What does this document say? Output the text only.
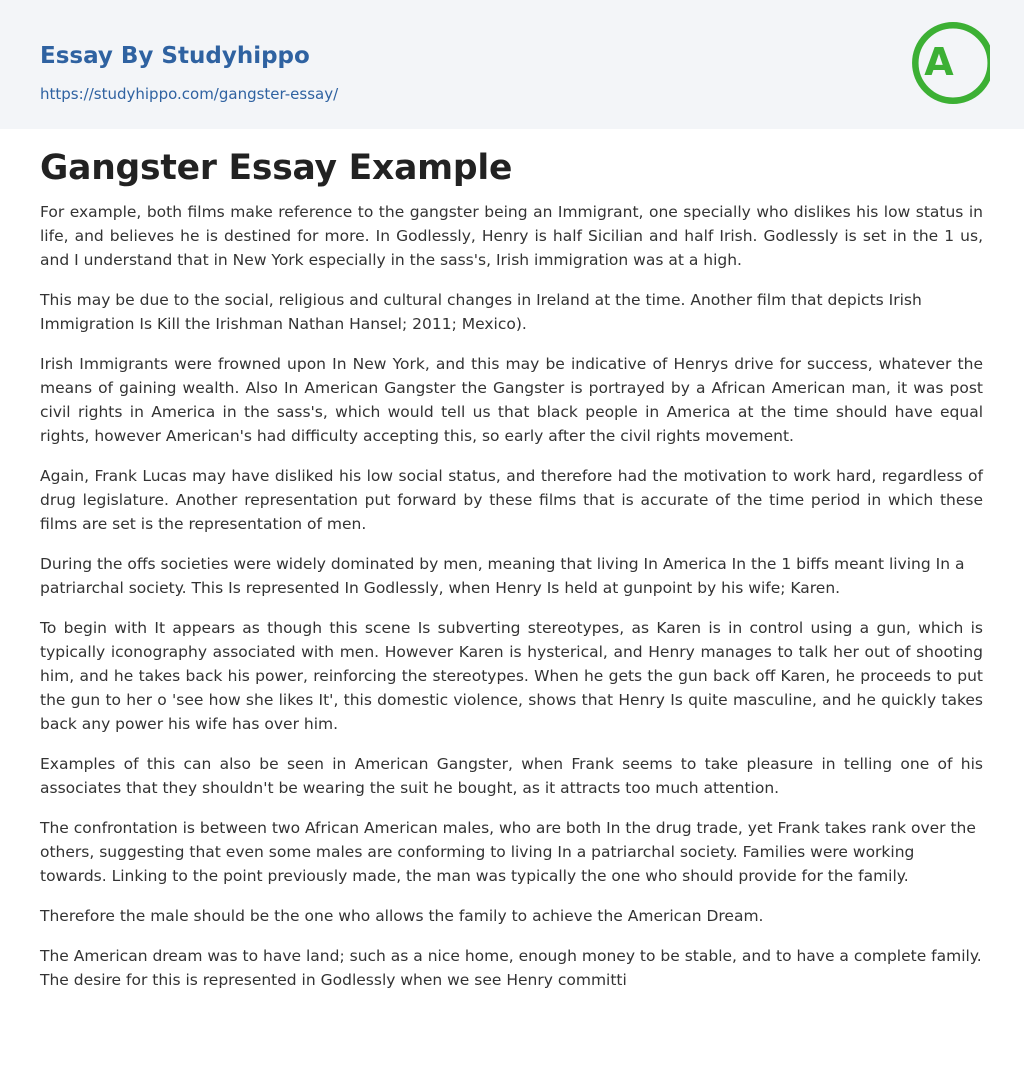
Essay By Studyhippo
https://studyhippo.com/gangster-essay/
A
Gangster Essay Example

For example, both films make reference to the gangster being an Immigrant, one specially who dislikes his low status in life, and believes he is destined for more. In Godlessly, Henry is half Sicilian and half Irish. Godlessly is set in the 1 us, and I understand that in New York especially in the sass's, Irish immigration was at a high.

This may be due to the social, religious and cultural changes in Ireland at the time. Another film that depicts Irish Immigration Is Kill the Irishman Nathan Hansel; 2011; Mexico).

Irish Immigrants were frowned upon In New York, and this may be indicative of Henrys drive for success, whatever the means of gaining wealth. Also In American Gangster the Gangster is portrayed by a African American man, it was post civil rights in America in the sass's, which would tell us that black people in America at the time should have equal rights, however American's had difficulty accepting this, so early after the civil rights movement.

Again, Frank Lucas may have disliked his low social status, and therefore had the motivation to work hard, regardless of drug legislature. Another representation put forward by these films that is accurate of the time period in which these films are set is the representation of men.

During the offs societies were widely dominated by men, meaning that living In America In the 1 biffs meant living In a patriarchal society. This Is represented In Godlessly, when Henry Is held at gunpoint by his wife; Karen.

To begin with It appears as though this scene Is subverting stereotypes, as Karen is in control using a gun, which is typically iconography associated with men. However Karen is hysterical, and Henry manages to talk her out of shooting him, and he takes back his power, reinforcing the stereotypes. When he gets the gun back off Karen, he proceeds to put the gun to her o 'see how she likes It', this domestic violence, shows that Henry Is quite masculine, and he quickly takes back any power his wife has over him.

Examples of this can also be seen in American Gangster, when Frank seems to take pleasure in telling one of his associates that they shouldn't be wearing the suit he bought, as it attracts too much attention.

The confrontation is between two African American males, who are both In the drug trade, yet Frank takes rank over the others, suggesting that even some males are conforming to living In a patriarchal society. Families were working towards. Linking to the point previously made, the man was typically the one who should provide for the family.

Therefore the male should be the one who allows the family to achieve the American Dream.

The American dream was to have land; such as a nice home, enough money to be stable, and to have a complete family. The desire for this is represented in Godlessly when we see Henry committi
